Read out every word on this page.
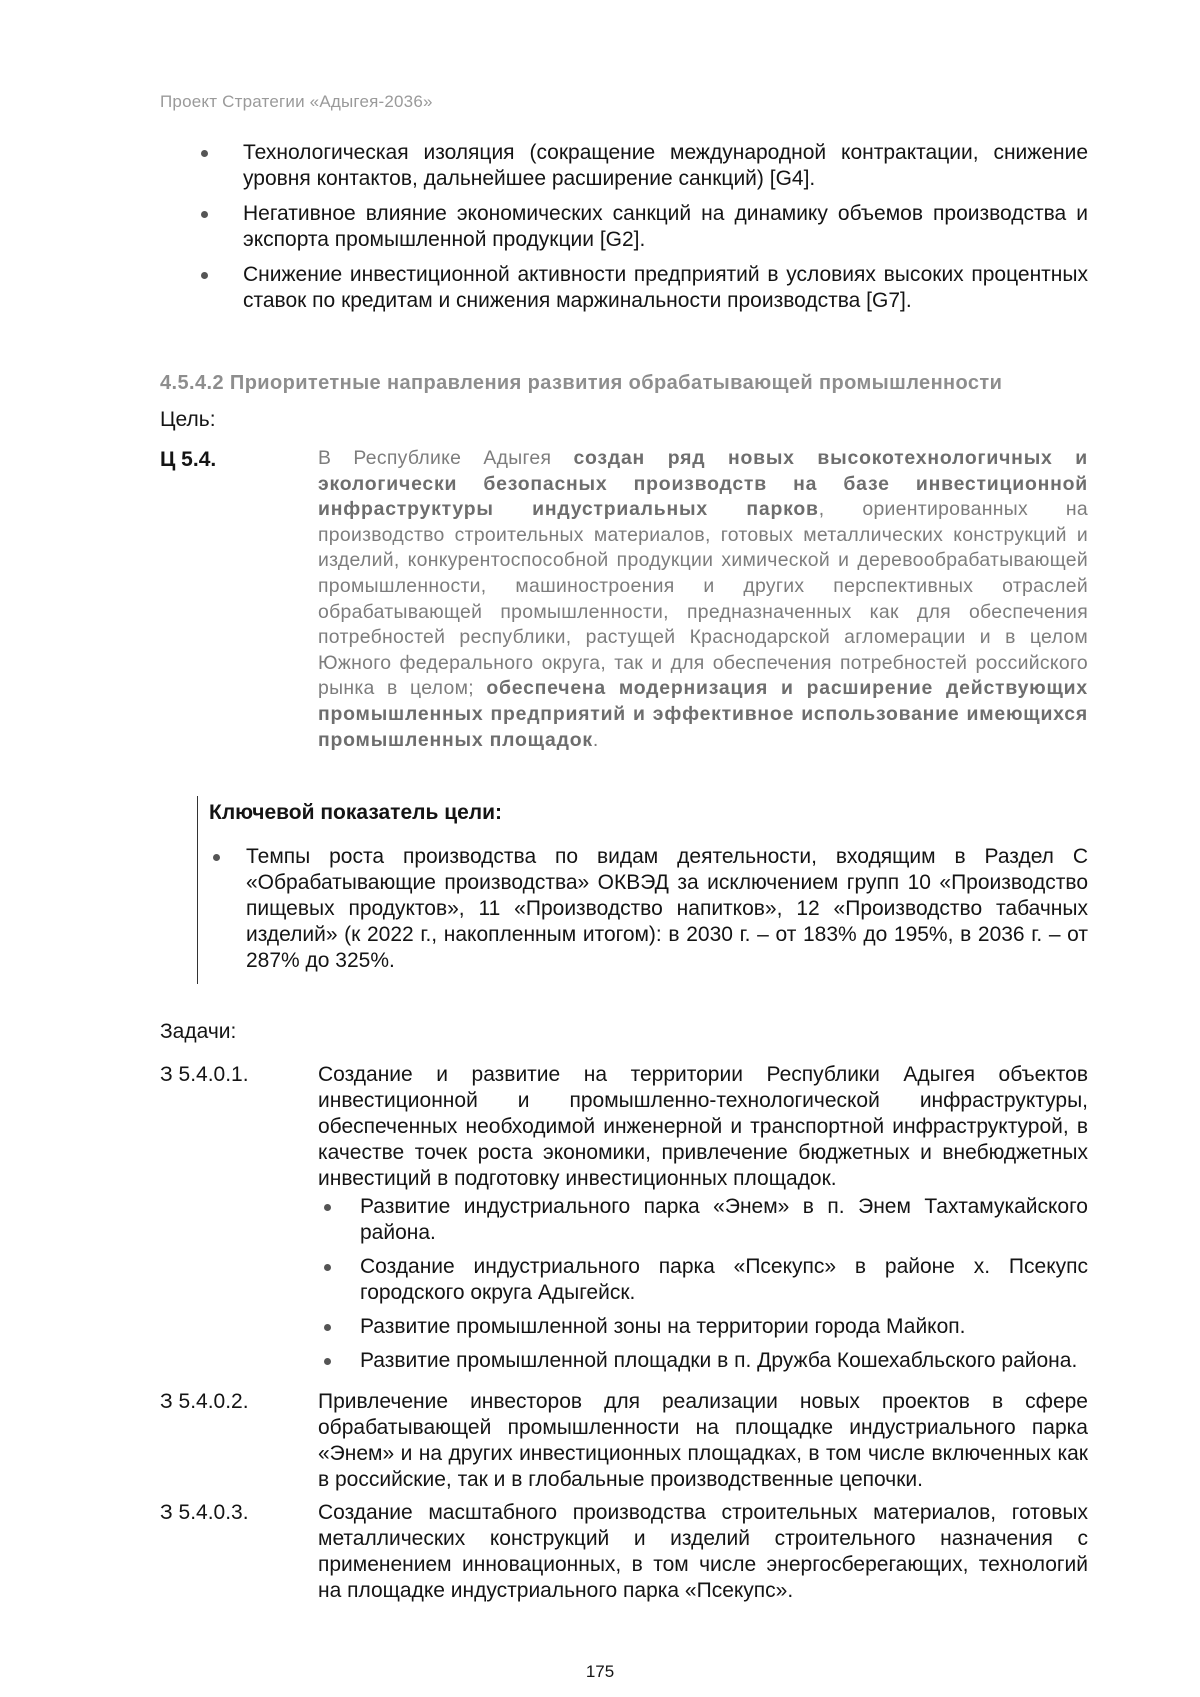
Проект Стратегии «Адыгея-2036»
Технологическая изоляция (сокращение международной контрактации, снижение уровня контактов, дальнейшее расширение санкций) [G4].
Негативное влияние экономических санкций на динамику объемов производства и экспорта промышленной продукции [G2].
Снижение инвестиционной активности предприятий в условиях высоких процентных ставок по кредитам и снижения маржинальности производства [G7].
4.5.4.2 Приоритетные направления развития обрабатывающей промышленности
Цель:
Ц 5.4.	В Республике Адыгея создан ряд новых высокотехнологичных и экологически безопасных производств на базе инвестиционной инфраструктуры индустриальных парков, ориентированных на производство строительных материалов, готовых металлических конструкций и изделий, конкурентоспособной продукции химической и деревообрабатывающей промышленности, машиностроения и других перспективных отраслей обрабатывающей промышленности, предназначенных как для обеспечения потребностей республики, растущей Краснодарской агломерации и в целом Южного федерального округа, так и для обеспечения потребностей российского рынка в целом; обеспечена модернизация и расширение действующих промышленных предприятий и эффективное использование имеющихся промышленных площадок.
Ключевой показатель цели:
Темпы роста производства по видам деятельности, входящим в Раздел С «Обрабатывающие производства» ОКВЭД за исключением групп 10 «Производство пищевых продуктов», 11 «Производство напитков», 12 «Производство табачных изделий» (к 2022 г., накопленным итогом): в 2030 г. – от 183% до 195%, в 2036 г. – от 287% до 325%.
Задачи:
З 5.4.0.1.	Создание и развитие на территории Республики Адыгея объектов инвестиционной и промышленно-технологической инфраструктуры, обеспеченных необходимой инженерной и транспортной инфраструктурой, в качестве точек роста экономики, привлечение бюджетных и внебюджетных инвестиций в подготовку инвестиционных площадок.
Развитие индустриального парка «Энем» в п. Энем Тахтамукайского района.
Создание индустриального парка «Псекупс» в районе х. Псекупс городского округа Адыгейск.
Развитие промышленной зоны на территории города Майкоп.
Развитие промышленной площадки в п. Дружба Кошехабльского района.
З 5.4.0.2.	Привлечение инвесторов для реализации новых проектов в сфере обрабатывающей промышленности на площадке индустриального парка «Энем» и на других инвестиционных площадках, в том числе включенных как в российские, так и в глобальные производственные цепочки.
З 5.4.0.3.	Создание масштабного производства строительных материалов, готовых металлических конструкций и изделий строительного назначения с применением инновационных, в том числе энергосберегающих, технологий на площадке индустриального парка «Псекупс».
175
